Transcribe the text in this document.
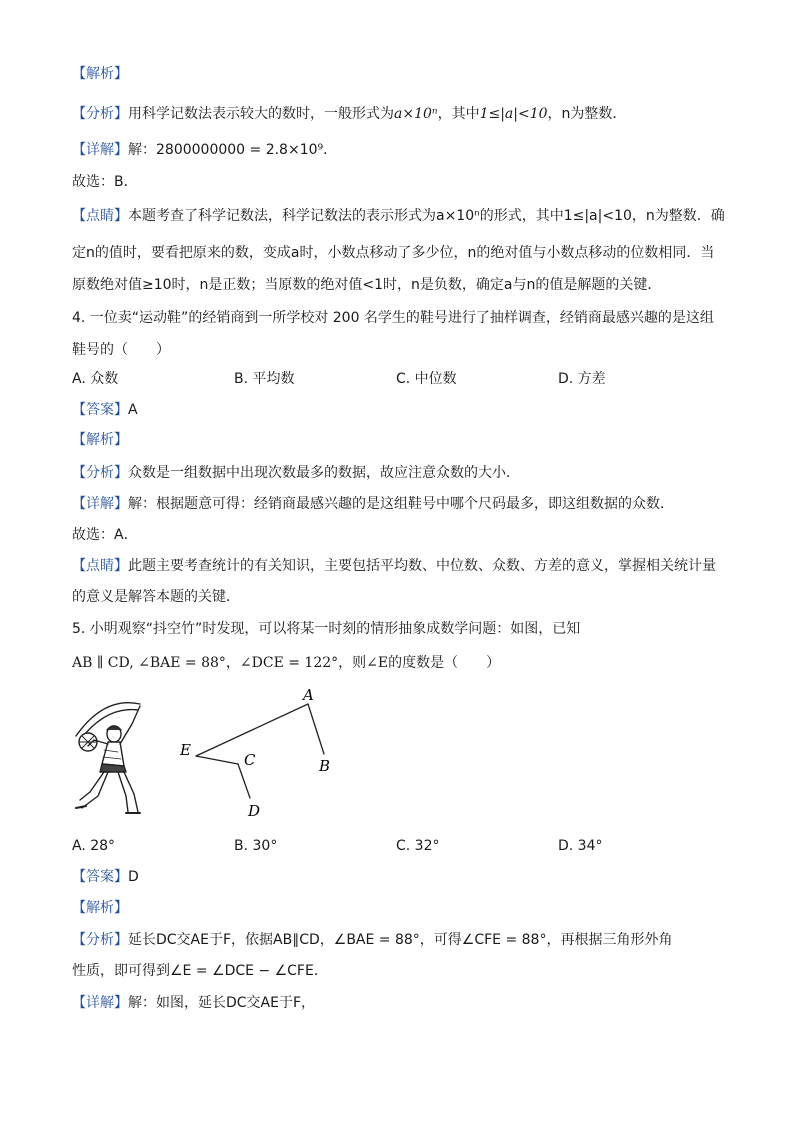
【解析】
【分析】用科学记数法表示较大的数时，一般形式为a×10ⁿ，其中1≤|a|<10，n为整数．
【详解】解：2800000000 = 2.8×10⁹．
故选：B．
【点睛】本题考查了科学记数法，科学记数法的表示形式为a×10ⁿ的形式，其中1≤|a|<10，n为整数．确
定n的值时，要看把原来的数，变成a时，小数点移动了多少位，n的绝对值与小数点移动的位数相同．当
原数绝对值≥10时，n是正数；当原数的绝对值<1时，n是负数，确定a与n的值是解题的关键．
4. 一位卖“运动鞋”的经销商到一所学校对 200 名学生的鞋号进行了抽样调查，经销商最感兴趣的是这组
鞋号的（　　）
A. 众数	B. 平均数	C. 中位数	D. 方差
【答案】A
【解析】
【分析】众数是一组数据中出现次数最多的数据，故应注意众数的大小．
【详解】解：根据题意可得：经销商最感兴趣的是这组鞋号中哪个尺码最多，即这组数据的众数．
故选：A．
【点睛】此题主要考查统计的有关知识，主要包括平均数、中位数、众数、方差的意义，掌握相关统计量
的意义是解答本题的关键．
5. 小明观察“抖空竹”时发现，可以将某一时刻的情形抽象成数学问题：如图，已知
AB ∥ CD, ∠BAE = 88°，∠DCE = 122°，则∠E的度数是（　　）
A
B
C
D
E
A. 28°	B. 30°	C. 32°	D. 34°
【答案】D
【解析】
【分析】延长DC交AE于F，依据AB∥CD，∠BAE = 88°，可得∠CFE = 88°，再根据三角形外角
性质，即可得到∠E = ∠DCE − ∠CFE．
【详解】解：如图，延长DC交AE于F，
